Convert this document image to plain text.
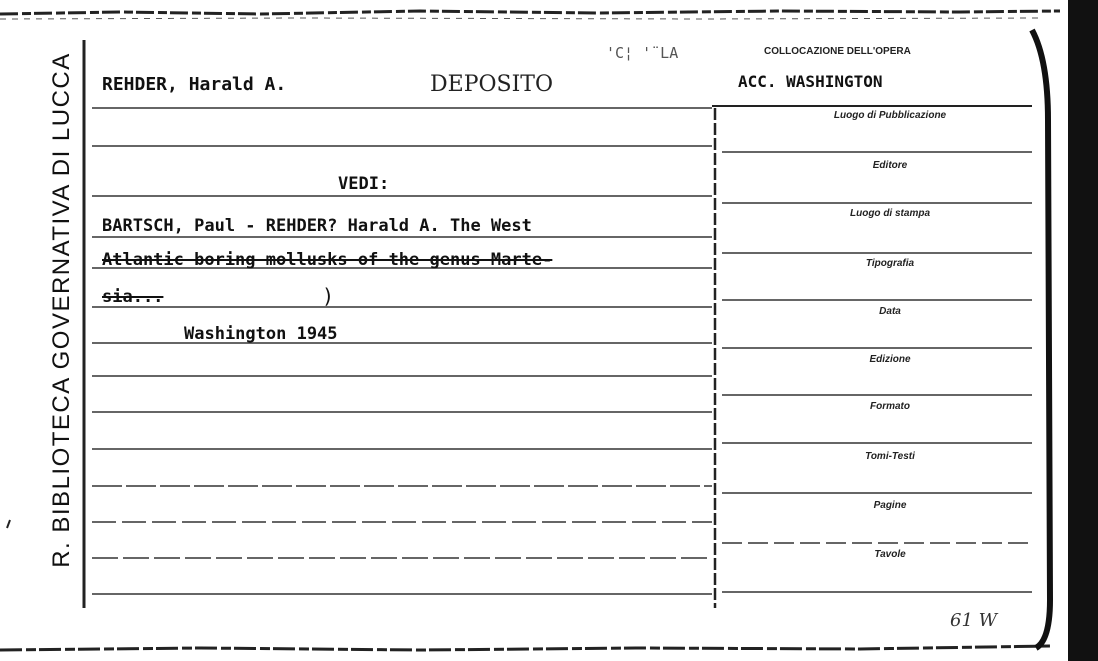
R. BIBLIOTECA GOVERNATIVA DI LUCCA	REHDER, Harald A.	DEPOSITO
'C¦ '¨LA	COLLOCAZIONE DELL'OPERA
ACC. WASHINGTON
VEDI:
BARTSCH, Paul - REHDER? Harald A. The West
Atlantic boring mollusks of the genus Marte-
sia...	)
Washington 1945
Luogo di Pubblicazione
Editore
Luogo di stampa
Tipografia
Data
Edizione
Formato
Tomi-Testi
Pagine
Tavole
61 W
